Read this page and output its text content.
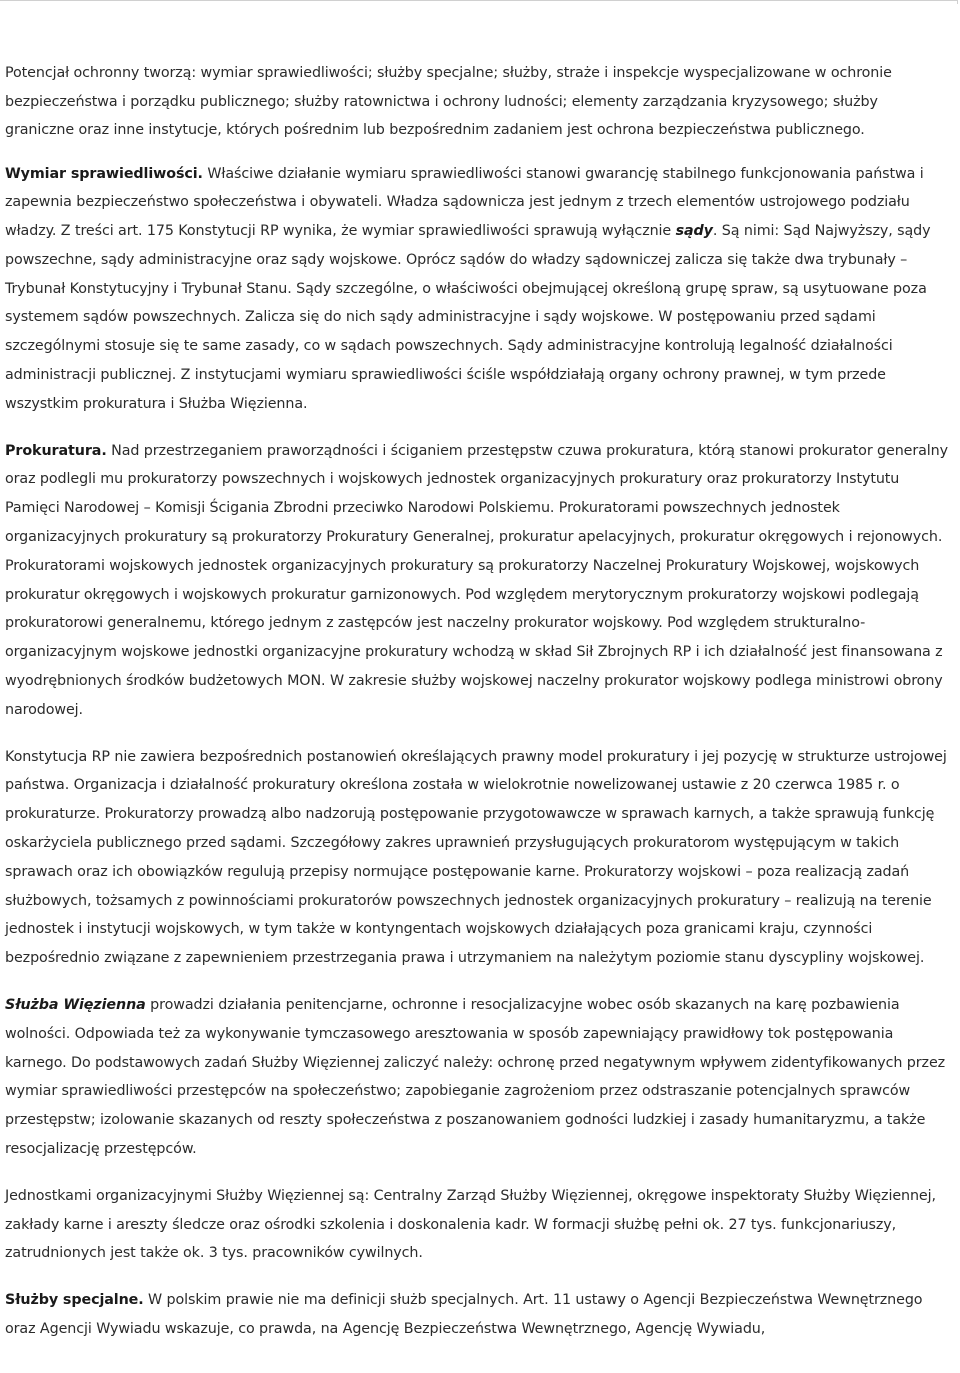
Potencjał ochronny tworzą: wymiar sprawiedliwości; służby specjalne; służby, straże i inspekcje wyspecjalizowane w ochronie bezpieczeństwa i porządku publicznego; służby ratownictwa i ochrony ludności; elementy zarządzania kryzysowego; służby graniczne oraz inne instytucje, których pośrednim lub bezpośrednim zadaniem jest ochrona bezpieczeństwa publicznego.

Wymiar sprawiedliwości. Właściwe działanie wymiaru sprawiedliwości stanowi gwarancję stabilnego funkcjonowania państwa i zapewnia bezpieczeństwo społeczeństwa i obywateli. Władza sądownicza jest jednym z trzech elementów ustrojowego podziału władzy. Z treści art. 175 Konstytucji RP wynika, że wymiar sprawiedliwości sprawują wyłącznie sądy. Są nimi: Sąd Najwyższy, sądy powszechne, sądy administracyjne oraz sądy wojskowe. Oprócz sądów do władzy sądowniczej zalicza się także dwa trybunały – Trybunał Konstytucyjny i Trybunał Stanu. Sądy szczególne, o właściwości obejmującej określoną grupę spraw, są usytuowane poza systemem sądów powszechnych. Zalicza się do nich sądy administracyjne i sądy wojskowe. W postępowaniu przed sądami szczególnymi stosuje się te same zasady, co w sądach powszechnych. Sądy administracyjne kontrolują legalność działalności administracji publicznej. Z instytucjami wymiaru sprawiedliwości ściśle współdziałają organy ochrony prawnej, w tym przede wszystkim prokuratura i Służba Więzienna.

Prokuratura. Nad przestrzeganiem praworządności i ściganiem przestępstw czuwa prokuratura, którą stanowi prokurator generalny oraz podlegli mu prokuratorzy powszechnych i wojskowych jednostek organizacyjnych prokuratury oraz prokuratorzy Instytutu Pamięci Narodowej – Komisji Ścigania Zbrodni przeciwko Narodowi Polskiemu. Prokuratorami powszechnych jednostek organizacyjnych prokuratury są prokuratorzy Prokuratury Generalnej, prokuratur apelacyjnych, prokuratur okręgowych i rejonowych. Prokuratorami wojskowych jednostek organizacyjnych prokuratury są prokuratorzy Naczelnej Prokuratury Wojskowej, wojskowych prokuratur okręgowych i wojskowych prokuratur garnizonowych. Pod względem merytorycznym prokuratorzy wojskowi podlegają prokuratorowi generalnemu, którego jednym z zastępców jest naczelny prokurator wojskowy. Pod względem strukturalno-organizacyjnym wojskowe jednostki organizacyjne prokuratury wchodzą w skład Sił Zbrojnych RP i ich działalność jest finansowana z wyodrębnionych środków budżetowych MON. W zakresie służby wojskowej naczelny prokurator wojskowy podlega ministrowi obrony narodowej.

Konstytucja RP nie zawiera bezpośrednich postanowień określających prawny model prokuratury i jej pozycję w strukturze ustrojowej państwa. Organizacja i działalność prokuratury określona została w wielokrotnie nowelizowanej ustawie z 20 czerwca 1985 r. o prokuraturze. Prokuratorzy prowadzą albo nadzorują postępowanie przygotowawcze w sprawach karnych, a także sprawują funkcję oskarżyciela publicznego przed sądami. Szczegółowy zakres uprawnień przysługujących prokuratorom występującym w takich sprawach oraz ich obowiązków regulują przepisy normujące postępowanie karne. Prokuratorzy wojskowi – poza realizacją zadań służbowych, tożsamych z powinnościami prokuratorów powszechnych jednostek organizacyjnych prokuratury – realizują na terenie jednostek i instytucji wojskowych, w tym także w kontyngentach wojskowych działających poza granicami kraju, czynności bezpośrednio związane z zapewnieniem przestrzegania prawa i utrzymaniem na należytym poziomie stanu dyscypliny wojskowej.

Służba Więzienna prowadzi działania penitencjarne, ochronne i resocjalizacyjne wobec osób skazanych na karę pozbawienia wolności. Odpowiada też za wykonywanie tymczasowego aresztowania w sposób zapewniający prawidłowy tok postępowania karnego. Do podstawowych zadań Służby Więziennej zaliczyć należy: ochronę przed negatywnym wpływem zidentyfikowanych przez wymiar sprawiedliwości przestępców na społeczeństwo; zapobieganie zagrożeniom przez odstraszanie potencjalnych sprawców przestępstw; izolowanie skazanych od reszty społeczeństwa z poszanowaniem godności ludzkiej i zasady humanitaryzmu, a także resocjalizację przestępców.

Jednostkami organizacyjnymi Służby Więziennej są: Centralny Zarząd Służby Więziennej, okręgowe inspektoraty Służby Więziennej, zakłady karne i areszty śledcze oraz ośrodki szkolenia i doskonalenia kadr. W formacji służbę pełni ok. 27 tys. funkcjonariuszy, zatrudnionych jest także ok. 3 tys. pracowników cywilnych.

Służby specjalne. W polskim prawie nie ma definicji służb specjalnych. Art. 11 ustawy o Agencji Bezpieczeństwa Wewnętrznego oraz Agencji Wywiadu wskazuje, co prawda, na Agencję Bezpieczeństwa Wewnętrznego, Agencję Wywiadu,
